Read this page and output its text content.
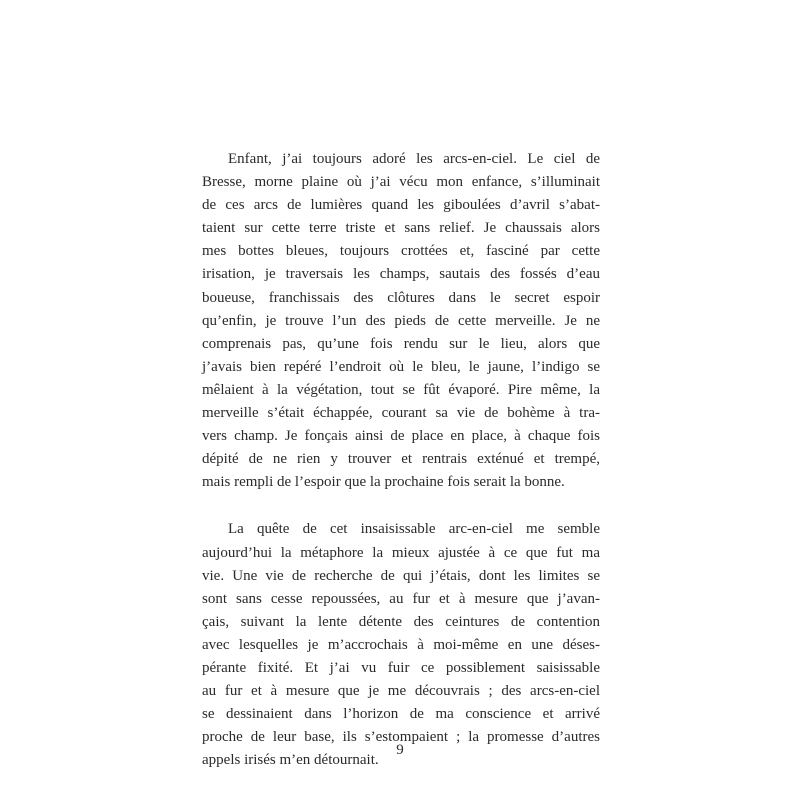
Enfant, j’ai toujours adoré les arcs-en-ciel. Le ciel de
Bresse, morne plaine où j’ai vécu mon enfance, s’illuminait
de ces arcs de lumières quand les giboulées d’avril s’abat-
taient sur cette terre triste et sans relief. Je chaussais alors
mes bottes bleues, toujours crottées et, fasciné par cette
irisation, je traversais les champs, sautais des fossés d’eau
boueuse, franchissais des clôtures dans le secret espoir
qu’enfin, je trouve l’un des pieds de cette merveille. Je ne
comprenais pas, qu’une fois rendu sur le lieu, alors que
j’avais bien repéré l’endroit où le bleu, le jaune, l’indigo se
mêlaient à la végétation, tout se fût évaporé. Pire même, la
merveille s’était échappée, courant sa vie de bohème à tra-
vers champ. Je fonçais ainsi de place en place, à chaque fois
dépité de ne rien y trouver et rentrais exténué et trempé,
mais rempli de l’espoir que la prochaine fois serait la bonne.

La quête de cet insaisissable arc-en-ciel me semble
aujourd’hui la métaphore la mieux ajustée à ce que fut ma
vie. Une vie de recherche de qui j’étais, dont les limites se
sont sans cesse repoussées, au fur et à mesure que j’avan-
çais, suivant la lente détente des ceintures de contention
avec lesquelles je m’accrochais à moi-même en une déses-
pérante fixité. Et j’ai vu fuir ce possiblement saisissable
au fur et à mesure que je me découvrais ; des arcs-en-ciel
se dessinaient dans l’horizon de ma conscience et arrivé
proche de leur base, ils s’estompaient ; la promesse d’autres
appels irisés m’en détournait.

9
